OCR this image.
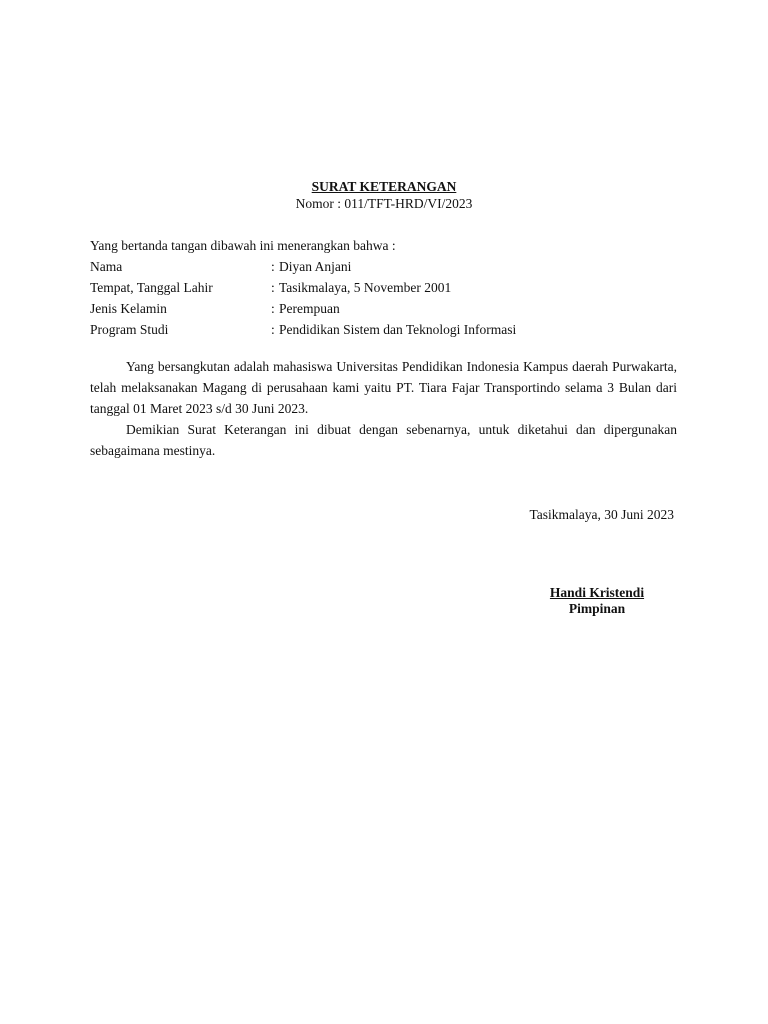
SURAT KETERANGAN
Nomor : 011/TFT-HRD/VI/2023
Yang bertanda tangan dibawah ini menerangkan bahwa :
Nama	: Diyan Anjani
Tempat, Tanggal Lahir	: Tasikmalaya, 5 November 2001
Jenis Kelamin	: Perempuan
Program Studi	: Pendidikan Sistem dan Teknologi Informasi

Yang bersangkutan adalah mahasiswa Universitas Pendidikan Indonesia Kampus daerah Purwakarta, telah melaksanakan Magang di perusahaan kami yaitu PT. Tiara Fajar Transportindo selama 3 Bulan dari tanggal 01 Maret 2023 s/d 30 Juni 2023.

Demikian Surat Keterangan ini dibuat dengan sebenarnya, untuk diketahui dan dipergunakan sebagaimana mestinya.

Tasikmalaya, 30 Juni 2023
Handi Kristendi
Pimpinan
